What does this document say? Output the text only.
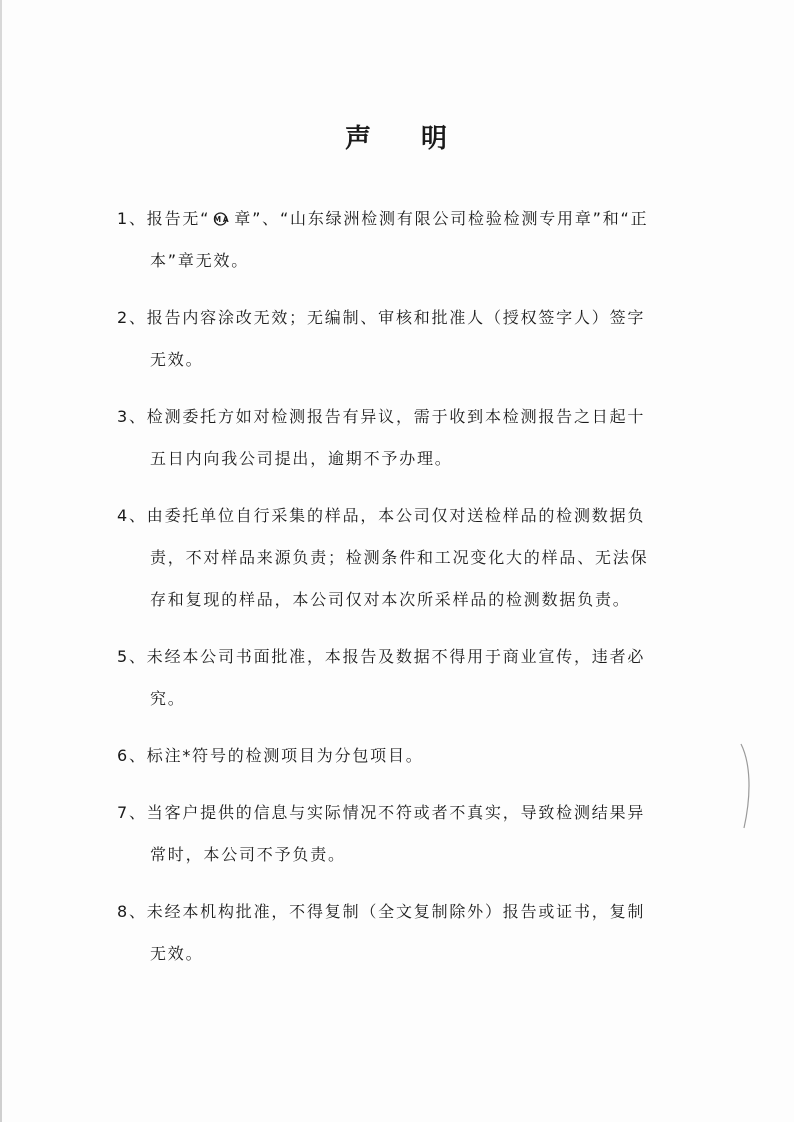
声 明
1、报告无“ MA 章”、“山东绿洲检测有限公司检验检测专用章”和“正
本”章无效。
2、报告内容涂改无效；无编制、审核和批准人（授权签字人）签字
无效。
3、检测委托方如对检测报告有异议，需于收到本检测报告之日起十
五日内向我公司提出，逾期不予办理。
4、由委托单位自行采集的样品，本公司仅对送检样品的检测数据负
责，不对样品来源负责；检测条件和工况变化大的样品、无法保
存和复现的样品，本公司仅对本次所采样品的检测数据负责。
5、未经本公司书面批准，本报告及数据不得用于商业宣传，违者必
究。
6、标注*符号的检测项目为分包项目。
7、当客户提供的信息与实际情况不符或者不真实，导致检测结果异
常时，本公司不予负责。
8、未经本机构批准，不得复制（全文复制除外）报告或证书，复制
无效。
